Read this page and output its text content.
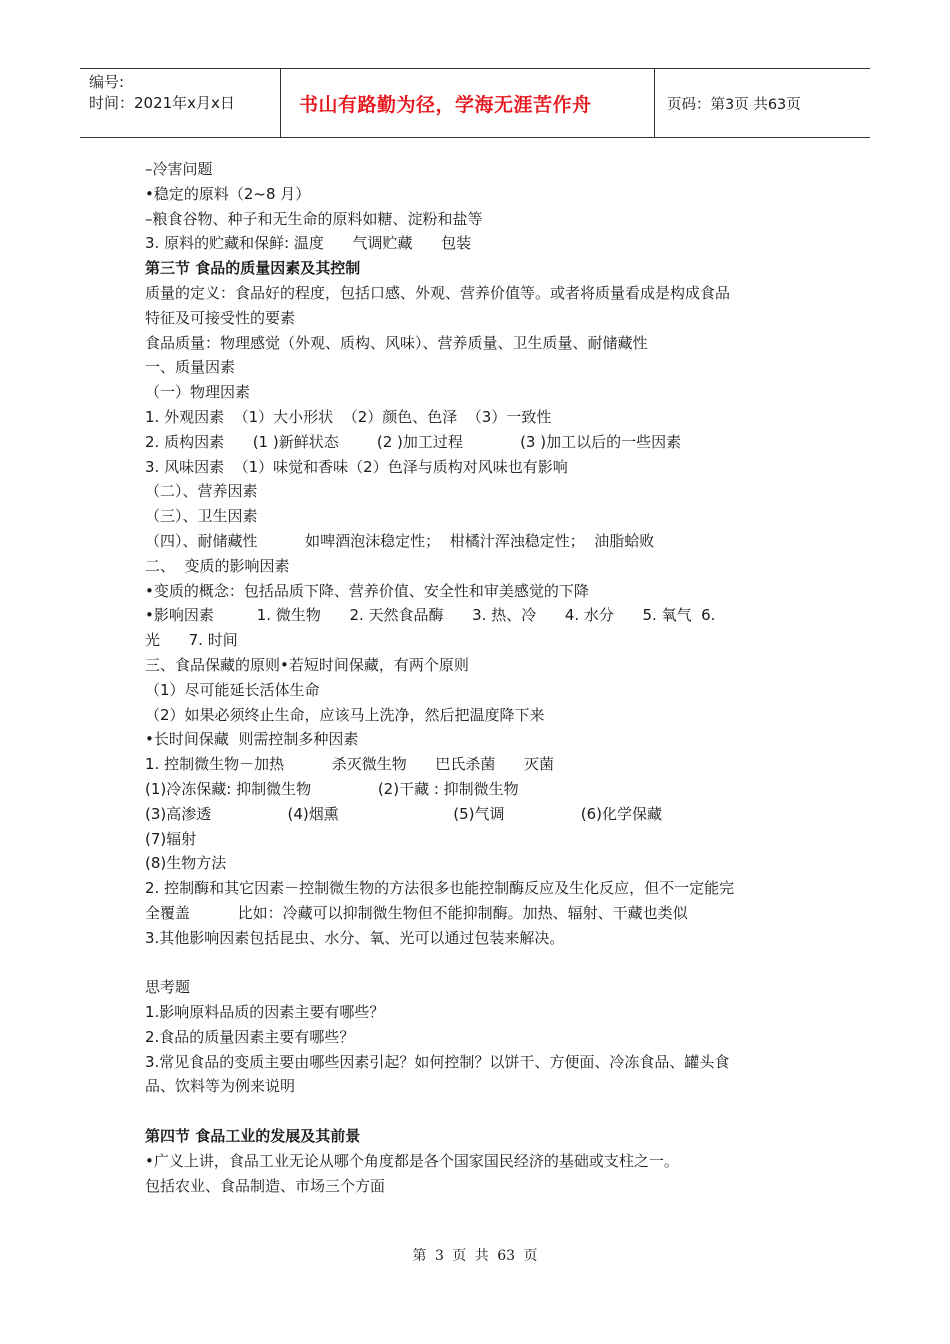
编号:
时间：2021年x月x日	书山有路勤为径，学海无涯苦作舟	页码：第3页 共63页
–冷害问题
•稳定的原料（2~8 月）
–粮食谷物、种子和无生命的原料如糖、淀粉和盐等
3. 原料的贮藏和保鲜: 温度      气调贮藏      包装
第三节 食品的质量因素及其控制
质量的定义：食品好的程度，包括口感、外观、营养价值等。或者将质量看成是构成食品
特征及可接受性的要素
食品质量：物理感觉（外观、质构、风味）、营养质量、卫生质量、耐储藏性
一、质量因素
（一）物理因素
1. 外观因素  （1）大小形状  （2）颜色、色泽  （3）一致性
2. 质构因素      (1 )新鲜状态        (2 )加工过程            (3 )加工以后的一些因素
3. 风味因素  （1）味觉和香味（2）色泽与质构对风味也有影响
（二）、营养因素
（三）、卫生因素
（四）、耐储藏性          如啤酒泡沫稳定性；  柑橘汁浑浊稳定性；  油脂蛤败
二、  变质的影响因素
•变质的概念：包括品质下降、营养价值、安全性和审美感觉的下降
•影响因素         1. 微生物      2. 天然食品酶      3. 热、冷      4. 水分      5. 氧气  6.
光      7. 时间
三、食品保藏的原则•若短时间保藏，有两个原则
（1）尽可能延长活体生命
（2）如果必须终止生命，应该马上洗净，然后把温度降下来
•长时间保藏  则需控制多种因素
1. 控制微生物－加热          杀灭微生物      巴氏杀菌      灭菌
(1)冷冻保藏: 抑制微生物              (2)干藏 : 抑制微生物
(3)高渗透                (4)烟熏                        (5)气调                (6)化学保藏
(7)辐射
(8)生物方法
2. 控制酶和其它因素－控制微生物的方法很多也能控制酶反应及生化反应，但不一定能完
全覆盖          比如：冷藏可以抑制微生物但不能抑制酶。加热、辐射、干藏也类似
3.其他影响因素包括昆虫、水分、氧、光可以通过包装来解决。
思考题
1.影响原料品质的因素主要有哪些？
2.食品的质量因素主要有哪些？
3.常见食品的变质主要由哪些因素引起？如何控制？以饼干、方便面、冷冻食品、罐头食
品、饮料等为例来说明
第四节 食品工业的发展及其前景
•广义上讲，食品工业无论从哪个角度都是各个国家国民经济的基础或支柱之一。
包括农业、食品制造、市场三个方面
第 3 页 共 63 页
